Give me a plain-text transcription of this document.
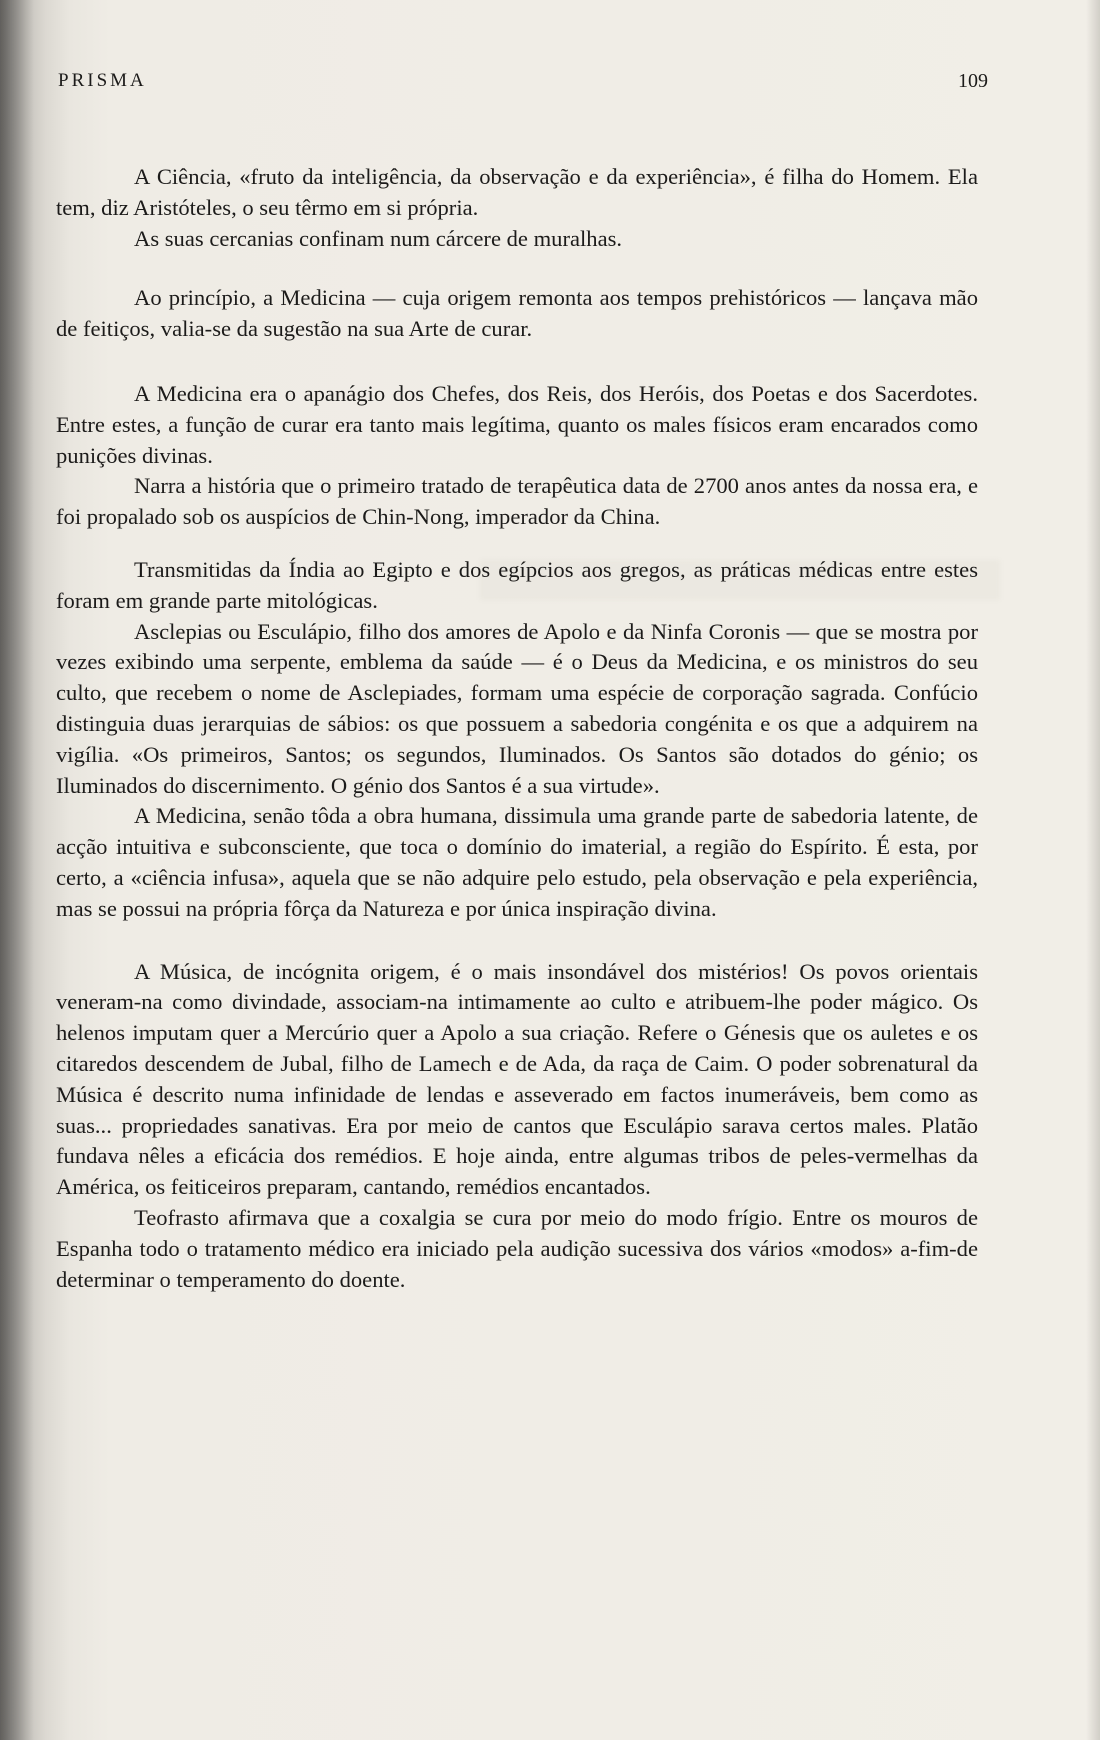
PRISMA	109

A Ciência, «fruto da inteligência, da observação e da experiência», é filha do Homem. Ela tem, diz Aristóteles, o seu têrmo em si própria.

As suas cercanias confinam num cárcere de muralhas.

Ao princípio, a Medicina — cuja origem remonta aos tempos prehistóricos — lançava mão de feitiços, valia-se da sugestão na sua Arte de curar.

A Medicina era o apanágio dos Chefes, dos Reis, dos Heróis, dos Poetas e dos Sacerdotes. Entre estes, a função de curar era tanto mais legítima, quanto os males físicos eram encarados como punições divinas.

Narra a história que o primeiro tratado de terapêutica data de 2700 anos antes da nossa era, e foi propalado sob os auspícios de Chin-Nong, imperador da China.

Transmitidas da Índia ao Egipto e dos egípcios aos gregos, as práticas médicas entre estes foram em grande parte mitológicas.

Asclepias ou Esculápio, filho dos amores de Apolo e da Ninfa Coronis — que se mostra por vezes exibindo uma serpente, emblema da saúde — é o Deus da Medicina, e os ministros do seu culto, que recebem o nome de Asclepiades, formam uma espécie de corporação sagrada. Confúcio distinguia duas jerarquias de sábios: os que possuem a sabedoria congénita e os que a adquirem na vigília. «Os primeiros, Santos; os segundos, Iluminados. Os Santos são dotados do génio; os Iluminados do discernimento. O génio dos Santos é a sua virtude».

A Medicina, senão tôda a obra humana, dissimula uma grande parte de sabedoria latente, de acção intuitiva e subconsciente, que toca o domínio do imaterial, a região do Espírito. É esta, por certo, a «ciência infusa», aquela que se não adquire pelo estudo, pela observação e pela experiência, mas se possui na própria fôrça da Natureza e por única inspiração divina.

A Música, de incógnita origem, é o mais insondável dos mistérios! Os povos orientais veneram-na como divindade, associam-na intimamente ao culto e atribuem-lhe poder mágico. Os helenos imputam quer a Mercúrio quer a Apolo a sua criação. Refere o Génesis que os auletes e os citaredos descendem de Jubal, filho de Lamech e de Ada, da raça de Caim. O poder sobrenatural da Música é descrito numa infinidade de lendas e asseverado em factos inumeráveis, bem como as suas... propriedades sanativas. Era por meio de cantos que Esculápio sarava certos males. Platão fundava nêles a eficácia dos remédios. E hoje ainda, entre algumas tribos de peles-vermelhas da América, os feiticeiros preparam, cantando, remédios encantados.

Teofrasto afirmava que a coxalgia se cura por meio do modo frígio. Entre os mouros de Espanha todo o tratamento médico era iniciado pela audição sucessiva dos vários «modos» a-fim-de determinar o temperamento do doente.
